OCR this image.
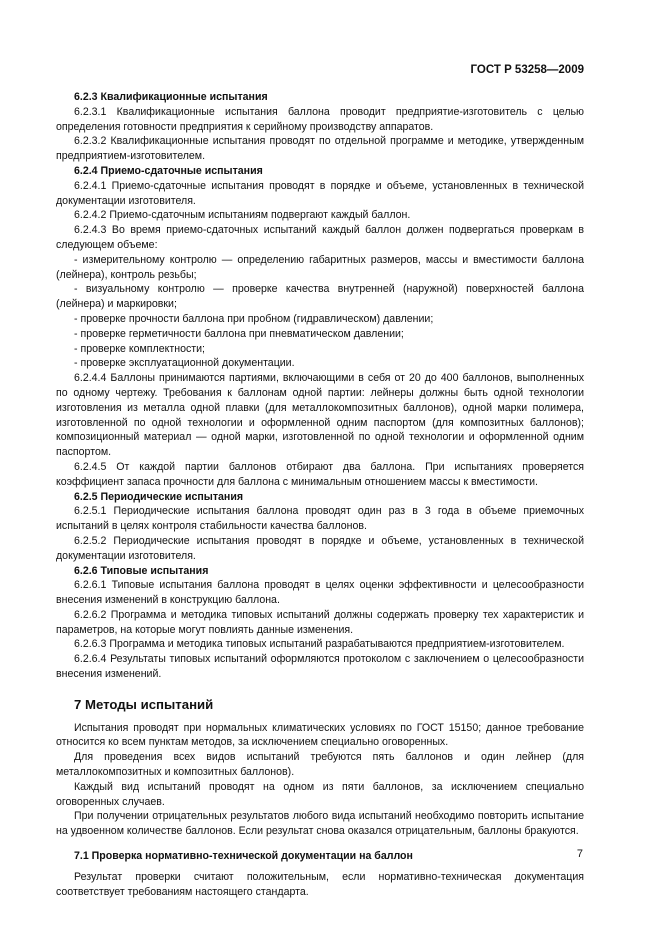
ГОСТ Р 53258—2009

6.2.3 Квалификационные испытания

6.2.3.1 Квалификационные испытания баллона проводит предприятие-изготовитель с целью определения готовности предприятия к серийному производству аппаратов.

6.2.3.2 Квалификационные испытания проводят по отдельной программе и методике, утвержденным предприятием-изготовителем.

6.2.4 Приемо-сдаточные испытания

6.2.4.1 Приемо-сдаточные испытания проводят в порядке и объеме, установленных в технической документации изготовителя.

6.2.4.2 Приемо-сдаточным испытаниям подвергают каждый баллон.

6.2.4.3 Во время приемо-сдаточных испытаний каждый баллон должен подвергаться проверкам в следующем объеме:

- измерительному контролю — определению габаритных размеров, массы и вместимости баллона (лейнера), контроль резьбы;

- визуальному контролю — проверке качества внутренней (наружной) поверхностей баллона (лейнера) и маркировки;

- проверке прочности баллона при пробном (гидравлическом) давлении;

- проверке герметичности баллона при пневматическом давлении;

- проверке комплектности;

- проверке эксплуатационной документации.

6.2.4.4 Баллоны принимаются партиями, включающими в себя от 20 до 400 баллонов, выполненных по одному чертежу. Требования к баллонам одной партии: лейнеры должны быть одной технологии изготовления из металла одной плавки (для металлокомпозитных баллонов), одной марки полимера, изготовленной по одной технологии и оформленной одним паспортом (для композитных баллонов); композиционный материал — одной марки, изготовленной по одной технологии и оформленной одним паспортом.

6.2.4.5 От каждой партии баллонов отбирают два баллона. При испытаниях проверяется коэффициент запаса прочности для баллона с минимальным отношением массы к вместимости.

6.2.5 Периодические испытания

6.2.5.1 Периодические испытания баллона проводят один раз в 3 года в объеме приемочных испытаний в целях контроля стабильности качества баллонов.

6.2.5.2 Периодические испытания проводят в порядке и объеме, установленных в технической документации изготовителя.

6.2.6 Типовые испытания

6.2.6.1 Типовые испытания баллона проводят в целях оценки эффективности и целесообразности внесения изменений в конструкцию баллона.

6.2.6.2 Программа и методика типовых испытаний должны содержать проверку тех характеристик и параметров, на которые могут повлиять данные изменения.

6.2.6.3 Программа и методика типовых испытаний разрабатываются предприятием-изготовителем.

6.2.6.4 Результаты типовых испытаний оформляются протоколом с заключением о целесообразности внесения изменений.

7 Методы испытаний

Испытания проводят при нормальных климатических условиях по ГОСТ 15150; данное требование относится ко всем пунктам методов, за исключением специально оговоренных.

Для проведения всех видов испытаний требуются пять баллонов и один лейнер (для металлокомпозитных и композитных баллонов).

Каждый вид испытаний проводят на одном из пяти баллонов, за исключением специально оговоренных случаев.

При получении отрицательных результатов любого вида испытаний необходимо повторить испытание на удвоенном количестве баллонов. Если результат снова оказался отрицательным, баллоны бракуются.

7.1 Проверка нормативно-технической документации на баллон

Результат проверки считают положительным, если нормативно-техническая документация соответствует требованиям настоящего стандарта.

7
